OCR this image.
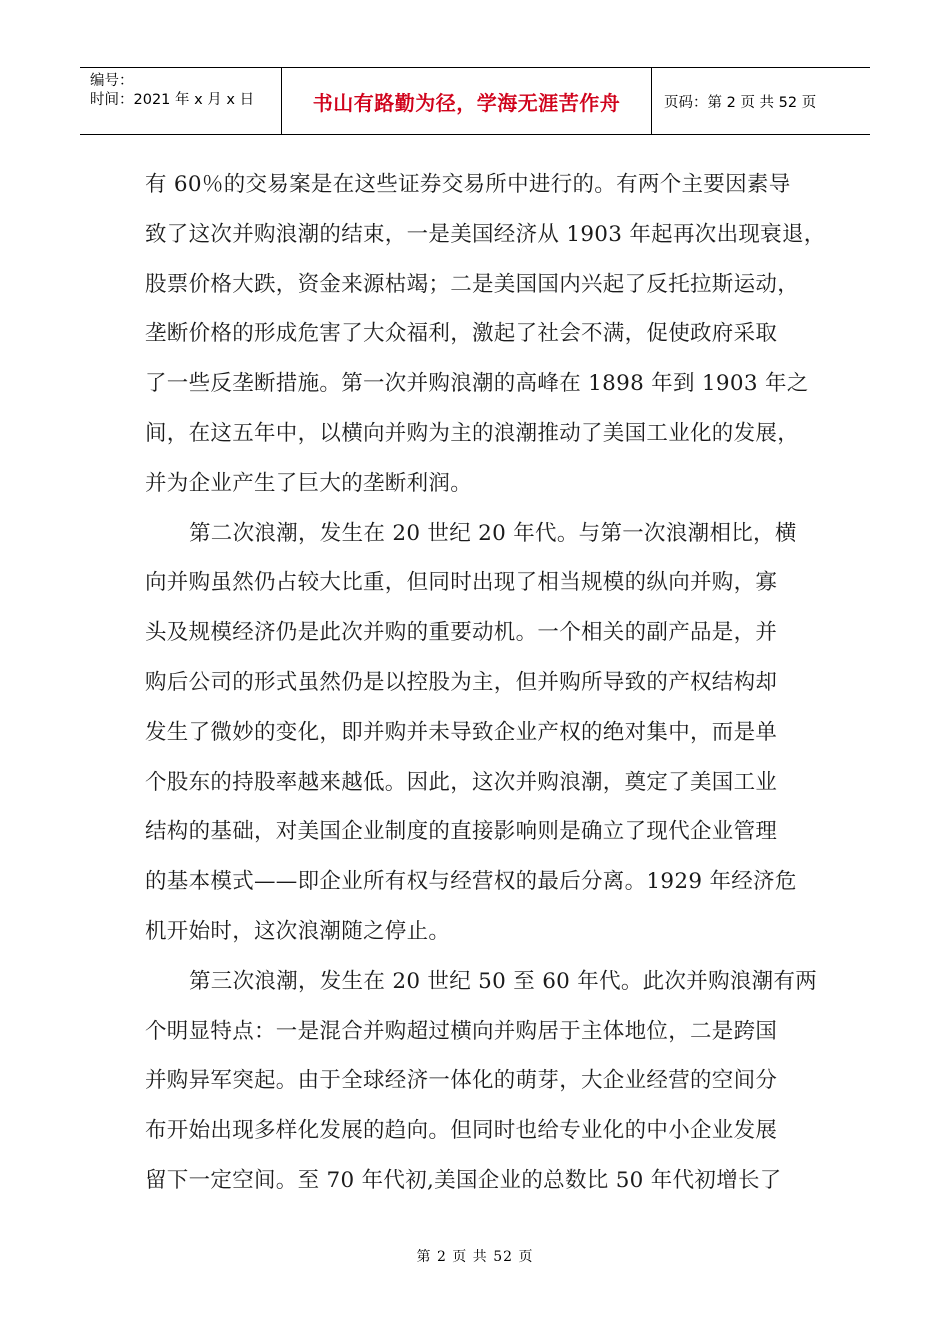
编号：
时间：2021 年 x 月 x 日	书山有路勤为径，学海无涯苦作舟	页码：第 2 页 共 52 页

有 60％的交易案是在这些证券交易所中进行的。有两个主要因素导
致了这次并购浪潮的结束，一是美国经济从 1903 年起再次出现衰退，
股票价格大跌，资金来源枯竭；二是美国国内兴起了反托拉斯运动，
垄断价格的形成危害了大众福利，激起了社会不满，促使政府采取
了一些反垄断措施。第一次并购浪潮的高峰在 1898 年到 1903 年之
间，在这五年中，以横向并购为主的浪潮推动了美国工业化的发展，
并为企业产生了巨大的垄断利润。

第二次浪潮，发生在 20 世纪 20 年代。与第一次浪潮相比，横
向并购虽然仍占较大比重，但同时出现了相当规模的纵向并购，寡
头及规模经济仍是此次并购的重要动机。一个相关的副产品是，并
购后公司的形式虽然仍是以控股为主，但并购所导致的产权结构却
发生了微妙的变化，即并购并未导致企业产权的绝对集中，而是单
个股东的持股率越来越低。因此，这次并购浪潮，奠定了美国工业
结构的基础，对美国企业制度的直接影响则是确立了现代企业管理
的基本模式——即企业所有权与经营权的最后分离。1929 年经济危
机开始时，这次浪潮随之停止。

第三次浪潮，发生在 20 世纪 50 至 60 年代。此次并购浪潮有两
个明显特点：一是混合并购超过横向并购居于主体地位，二是跨国
并购异军突起。由于全球经济一体化的萌芽，大企业经营的空间分
布开始出现多样化发展的趋向。但同时也给专业化的中小企业发展
留下一定空间。至 70 年代初,美国企业的总数比 50 年代初增长了

第 2 页 共 52 页
